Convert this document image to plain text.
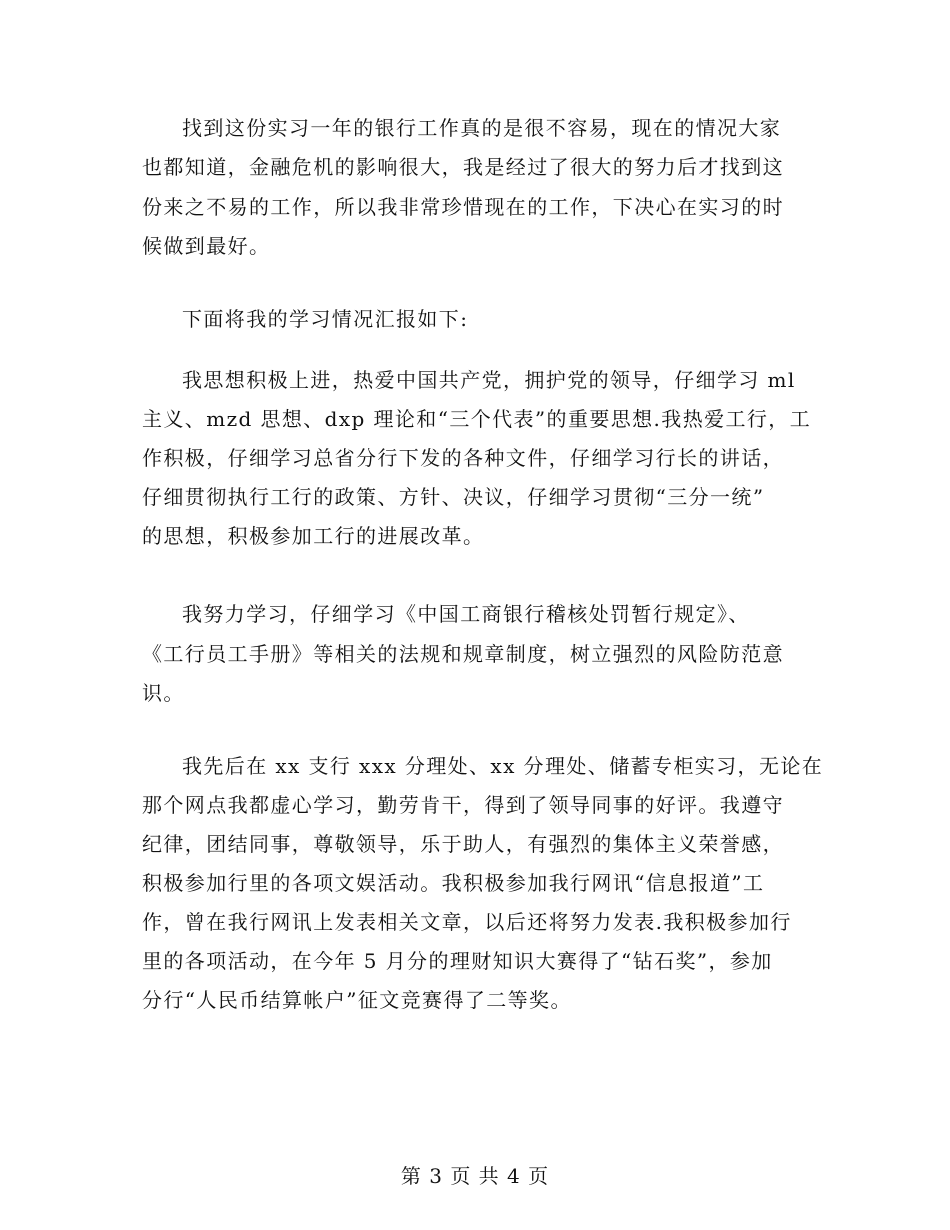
找到这份实习一年的银行工作真的是很不容易，现在的情况大家
也都知道，金融危机的影响很大，我是经过了很大的努力后才找到这
份来之不易的工作，所以我非常珍惜现在的工作，下决心在实习的时
候做到最好。
下面将我的学习情况汇报如下:
我思想积极上进，热爱中国共产党，拥护党的领导，仔细学习 ml
主义、mzd 思想、dxp 理论和“三个代表”的重要思想.我热爱工行，工
作积极，仔细学习总省分行下发的各种文件，仔细学习行长的讲话，
仔细贯彻执行工行的政策、方针、决议，仔细学习贯彻“三分一统”
的思想，积极参加工行的进展改革。
我努力学习，仔细学习《中国工商银行稽核处罚暂行规定》、
《工行员工手册》等相关的法规和规章制度，树立强烈的风险防范意
识。
我先后在 xx 支行 xxx 分理处、xx 分理处、储蓄专柜实习，无论在
那个网点我都虚心学习，勤劳肯干，得到了领导同事的好评。我遵守
纪律，团结同事，尊敬领导，乐于助人，有强烈的集体主义荣誉感，
积极参加行里的各项文娱活动。我积极参加我行网讯“信息报道”工
作，曾在我行网讯上发表相关文章，以后还将努力发表.我积极参加行
里的各项活动，在今年 5 月分的理财知识大赛得了“钻石奖”，参加
分行“人民币结算帐户”征文竞赛得了二等奖。
第 3 页 共 4 页
